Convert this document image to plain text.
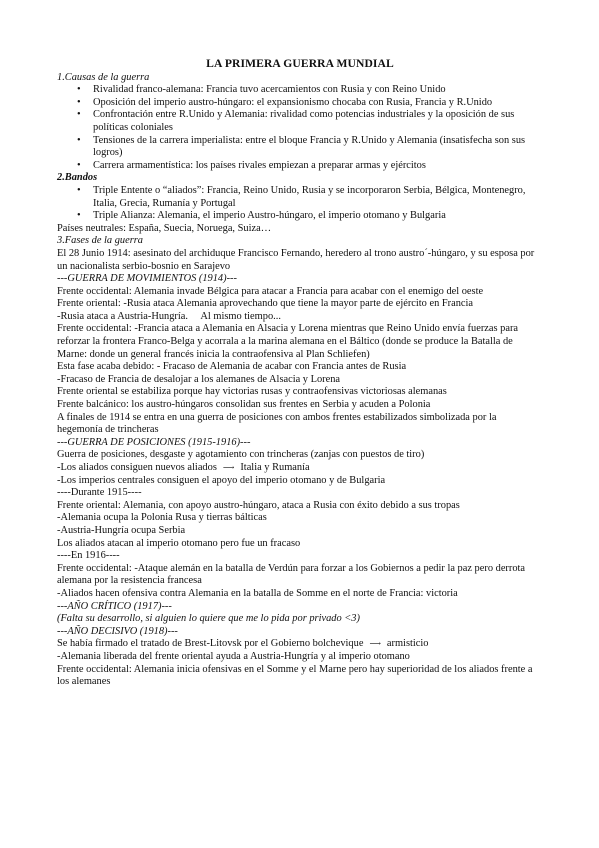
LA PRIMERA GUERRA MUNDIAL

1.Causas de la guerra

• Rivalidad franco-alemana: Francia tuvo acercamientos con Rusia y con Reino Unido
• Oposición del imperio austro-húngaro: el expansionismo chocaba con Rusia, Francia y R.Unido
• Confrontación entre R.Unido y Alemania: rivalidad como potencias industriales y la oposición de sus políticas coloniales
• Tensiones de la carrera imperialista: entre el bloque Francia y R.Unido y Alemania (insatisfecha son sus logros)
• Carrera armamentística: los países rivales empiezan a preparar armas y ejércitos

2.Bandos

• Triple Entente o “aliados”: Francia, Reino Unido, Rusia y se incorporaron Serbia, Bélgica, Montenegro, Italia, Grecia, Rumanía y Portugal
• Triple Alianza: Alemania, el imperio Austro-húngaro, el imperio otomano y Bulgaria

Países neutrales: España, Suecia, Noruega, Suiza…

3.Fases de la guerra

El 28 Junio 1914: asesinato del archiduque Francisco Fernando, heredero al trono austro´-húngaro, y su esposa por un nacionalista serbio-bosnio en Sarajevo

---GUERRA DE MOVIMIENTOS (1914)---

Frente occidental: Alemania invade Bélgica para atacar a Francia para acabar con el enemigo del oeste

Frente oriental: -Rusia ataca Alemania aprovechando que tiene la mayor parte de ejército en Francia

-Rusia ataca a Austria-Hungría.     Al mismo tiempo...

Frente occidental: -Francia ataca a Alemania en Alsacia y Lorena mientras que Reino Unido envía fuerzas para reforzar la frontera Franco-Belga y acorrala a la marina alemana en el Báltico (donde se produce la Batalla de Marne: donde un general francés inicia la contraofensiva al Plan Schliefen)

Esta fase acaba debido: - Fracaso de Alemania de acabar con Francia antes de Rusia

-Fracaso de Francia de desalojar a los alemanes de Alsacia y Lorena

Frente oriental se estabiliza porque hay victorias rusas y contraofensivas victoriosas alemanas

Frente balcánico: los austro-húngaros consolidan sus frentes en Serbia y acuden a Polonia

A finales de 1914 se entra en una guerra de posiciones con ambos frentes estabilizados simbolizada por la hegemonía de trincheras

---GUERRA DE POSICIONES (1915-1916)---

Guerra de posiciones, desgaste y agotamiento con trincheras (zanjas con puestos de tiro)

-Los aliados consiguen nuevos aliados ⟶ Italia y Rumanía

-Los imperios centrales consiguen el apoyo del imperio otomano y de Bulgaria

----Durante 1915----

Frente oriental: Alemania, con apoyo austro-húngaro, ataca a Rusia con éxito debido a sus tropas

-Alemania ocupa la Polonia Rusa y tierras bálticas

-Austria-Hungría ocupa Serbia

Los aliados atacan al imperio otomano pero fue un fracaso

----En 1916----

Frente occidental: -Ataque alemán en la batalla de Verdún para forzar a los Gobiernos a pedir la paz pero derrota alemana por la resistencia francesa

-Aliados hacen ofensiva contra Alemania en la batalla de Somme en el norte de Francia: victoria

---AÑO CRÍTICO (1917)---

(Falta su desarrollo, si alguien lo quiere que me lo pida por privado <3)

---AÑO DECISIVO (1918)---

Se había firmado el tratado de Brest-Litovsk por el Gobierno bolchevique ⟶ armisticio

-Alemania liberada del frente oriental ayuda a Austria-Hungría y al imperio otomano

Frente occidental: Alemania inicia ofensivas en el Somme y el Marne pero hay superioridad de los aliados frente a los alemanes
